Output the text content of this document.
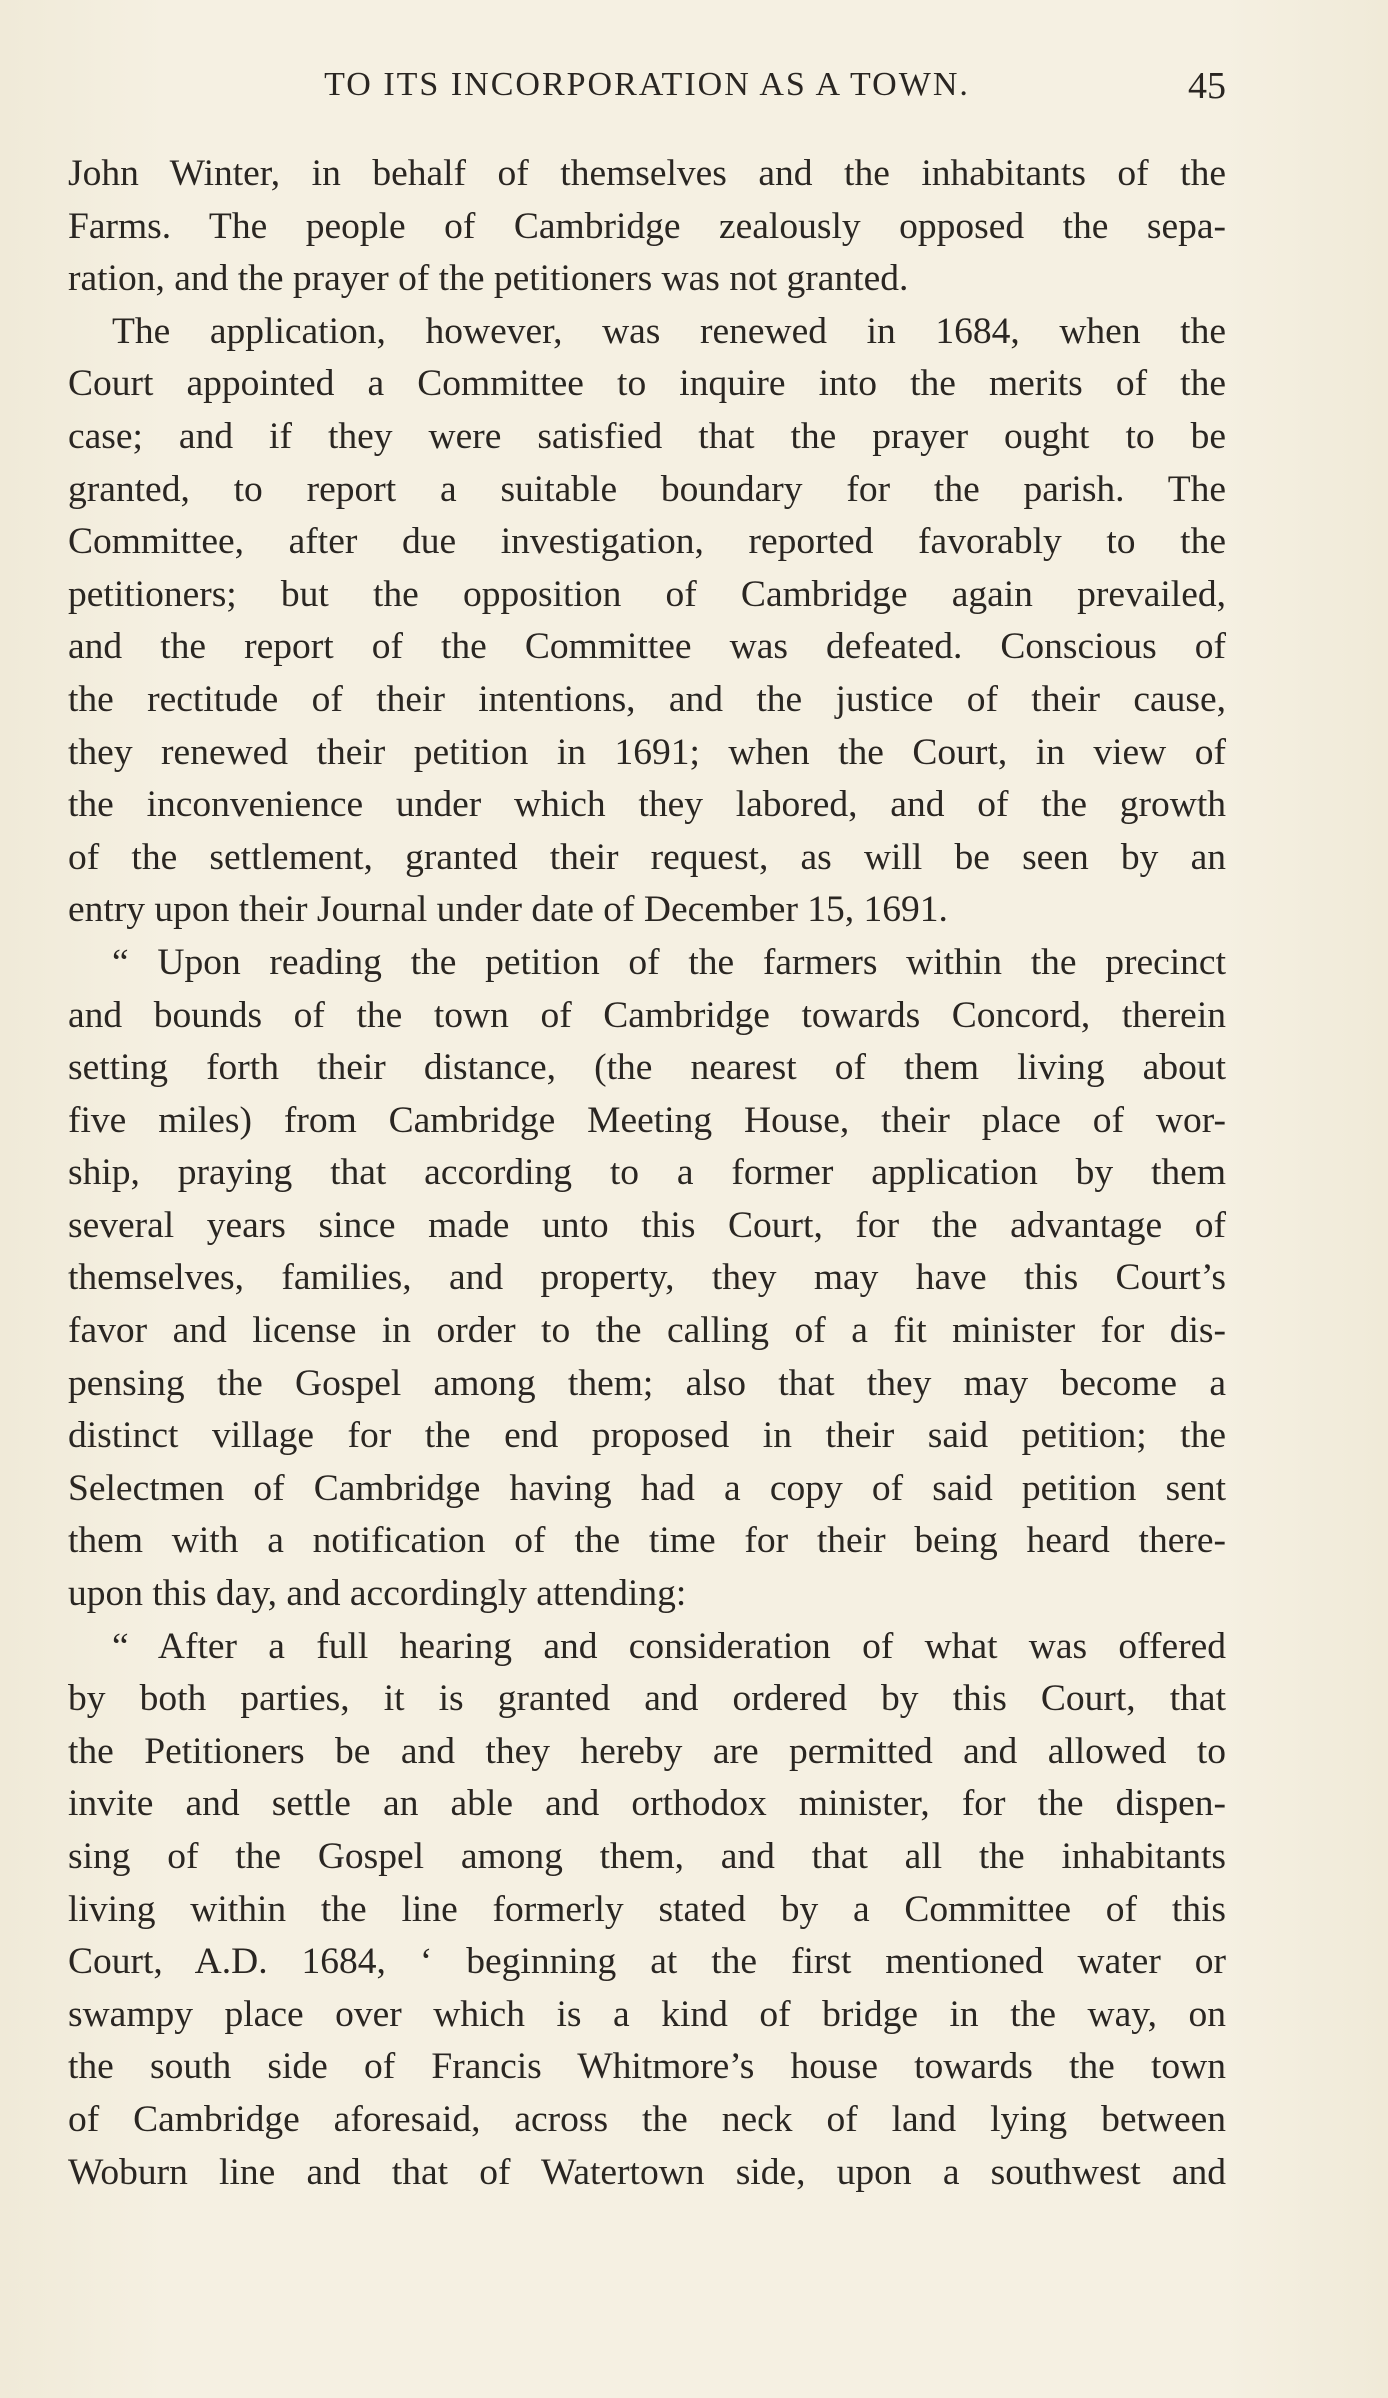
TO ITS INCORPORATION AS A TOWN.	45
John Winter, in behalf of themselves and the inhabitants of the
Farms. The people of Cambridge zealously opposed the sepa-
ration, and the prayer of the petitioners was not granted.
The application, however, was renewed in 1684, when the
Court appointed a Committee to inquire into the merits of the
case; and if they were satisfied that the prayer ought to be
granted, to report a suitable boundary for the parish. The
Committee, after due investigation, reported favorably to the
petitioners; but the opposition of Cambridge again prevailed,
and the report of the Committee was defeated. Conscious of
the rectitude of their intentions, and the justice of their cause,
they renewed their petition in 1691; when the Court, in view of
the inconvenience under which they labored, and of the growth
of the settlement, granted their request, as will be seen by an
entry upon their Journal under date of December 15, 1691.
“ Upon reading the petition of the farmers within the precinct
and bounds of the town of Cambridge towards Concord, therein
setting forth their distance, (the nearest of them living about
five miles) from Cambridge Meeting House, their place of wor-
ship, praying that according to a former application by them
several years since made unto this Court, for the advantage of
themselves, families, and property, they may have this Court’s
favor and license in order to the calling of a fit minister for dis-
pensing the Gospel among them; also that they may become a
distinct village for the end proposed in their said petition; the
Selectmen of Cambridge having had a copy of said petition sent
them with a notification of the time for their being heard there-
upon this day, and accordingly attending:
“ After a full hearing and consideration of what was offered
by both parties, it is granted and ordered by this Court, that
the Petitioners be and they hereby are permitted and allowed to
invite and settle an able and orthodox minister, for the dispen-
sing of the Gospel among them, and that all the inhabitants
living within the line formerly stated by a Committee of this
Court, A.D. 1684, ‘ beginning at the first mentioned water or
swampy place over which is a kind of bridge in the way, on
the south side of Francis Whitmore’s house towards the town
of Cambridge aforesaid, across the neck of land lying between
Woburn line and that of Watertown side, upon a southwest and
